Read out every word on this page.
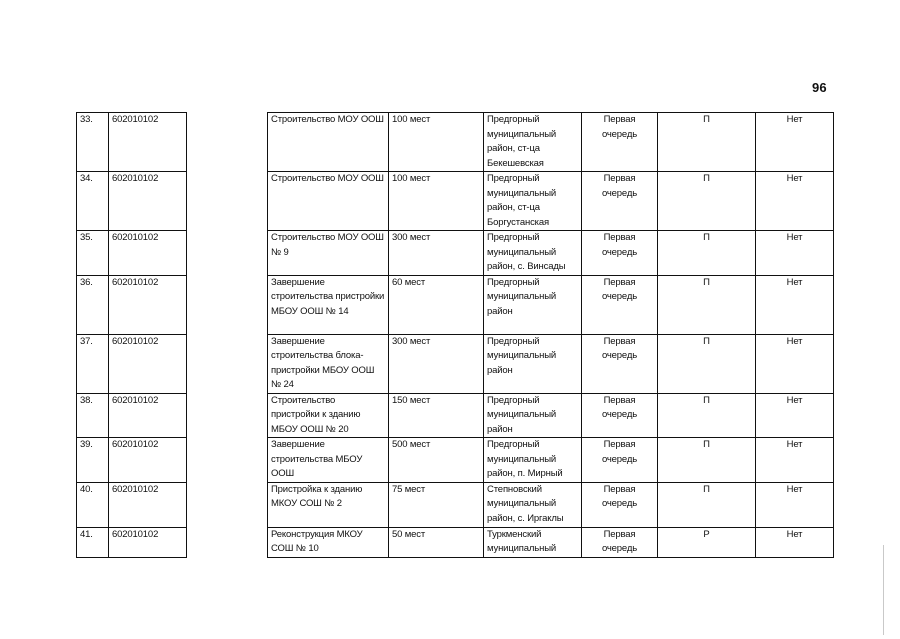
96
33.	602010102		Строительство МОУ ООШ	100 мест	Предгорный муниципальный район, ст-ца Бекешевская	Первая очередь	П	Нет
34.	602010102		Строительство МОУ ООШ	100 мест	Предгорный муниципальный район, ст-ца Боргустанская	Первая очередь	П	Нет
35.	602010102		Строительство МОУ ООШ № 9	300 мест	Предгорный муниципальный район, с. Винсады	Первая очередь	П	Нет
36.	602010102		Завершение строительства пристройки МБОУ ООШ № 14	60 мест	Предгорный муниципальный район	Первая очередь	П	Нет
37.	602010102		Завершение строительства блока-пристройки МБОУ ООШ № 24	300 мест	Предгорный муниципальный район	Первая очередь	П	Нет
38.	602010102		Строительство пристройки к зданию МБОУ ООШ № 20	150 мест	Предгорный муниципальный район	Первая очередь	П	Нет
39.	602010102		Завершение строительства МБОУ ООШ	500 мест	Предгорный муниципальный район, п. Мирный	Первая очередь	П	Нет
40.	602010102		Пристройка к зданию МКОУ СОШ № 2	75 мест	Степновский муниципальный район, с. Иргаклы	Первая очередь	П	Нет
41.	602010102		Реконструкция МКОУ СОШ № 10	50 мест	Туркменский муниципальный	Первая очередь	Р	Нет
